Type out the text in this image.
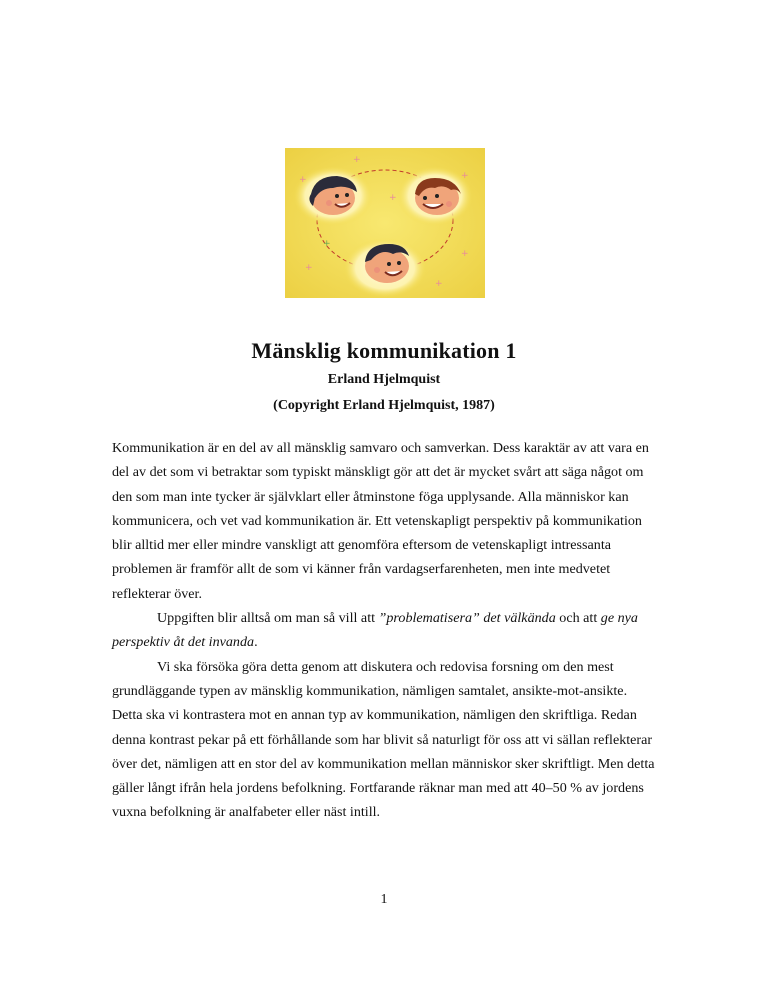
+
+
+
+
+
+
+
+
Mänsklig kommunikation 1
Erland Hjelmquist
(Copyright Erland Hjelmquist, 1987)

Kommunikation är en del av all mänsklig samvaro och samverkan. Dess karaktär av att vara en del av det som vi betraktar som typiskt mänskligt gör att det är mycket svårt att säga något om den som man inte tycker är självklart eller åtminstone föga upplysande. Alla människor kan kommunicera, och vet vad kommunikation är. Ett vetenskapligt perspektiv på kommunikation blir alltid mer eller mindre vanskligt att genomföra eftersom de vetenskapligt intressanta problemen är framför allt de som vi känner från vardagserfarenheten, men inte medvetet reflekterar över.

Uppgiften blir alltså om man så vill att ”problematisera” det välkända och att ge nya perspektiv åt det invanda.

Vi ska försöka göra detta genom att diskutera och redovisa forsning om den mest grundläggande typen av mänsklig kommunikation, nämligen samtalet, ansikte-mot-ansikte. Detta ska vi kontrastera mot en annan typ av kommunikation, nämligen den skriftliga. Redan denna kontrast pekar på ett förhållande som har blivit så naturligt för oss att vi sällan reflekterar över det, nämligen att en stor del av kommunikation mellan människor sker skriftligt. Men detta gäller långt ifrån hela jordens befolkning. Fortfarande räknar man med att 40–50 % av jordens vuxna befolkning är analfabeter eller näst intill.

1
